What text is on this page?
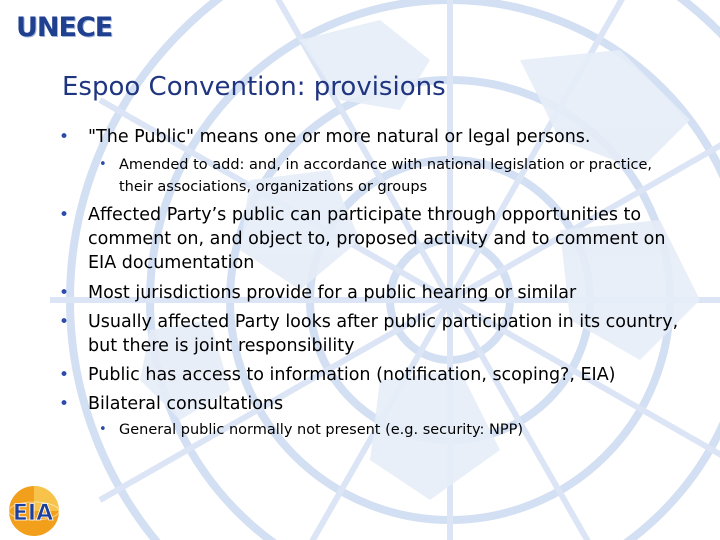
UNECE
Espoo Convention: provisions
• "The Public" means one or more natural or legal persons.
• Amended to add: and, in accordance with national legislation or practice, their associations, organizations or groups
• Affected Party’s public can participate through opportunities to comment on, and object to, proposed activity and to comment on EIA documentation
• Most jurisdictions provide for a public hearing or similar
• Usually affected Party looks after public participation in its country, but there is joint responsibility
• Public has access to information (notification, scoping?, EIA)
• Bilateral consultations
• General public normally not present (e.g. security: NPP)
EIA
